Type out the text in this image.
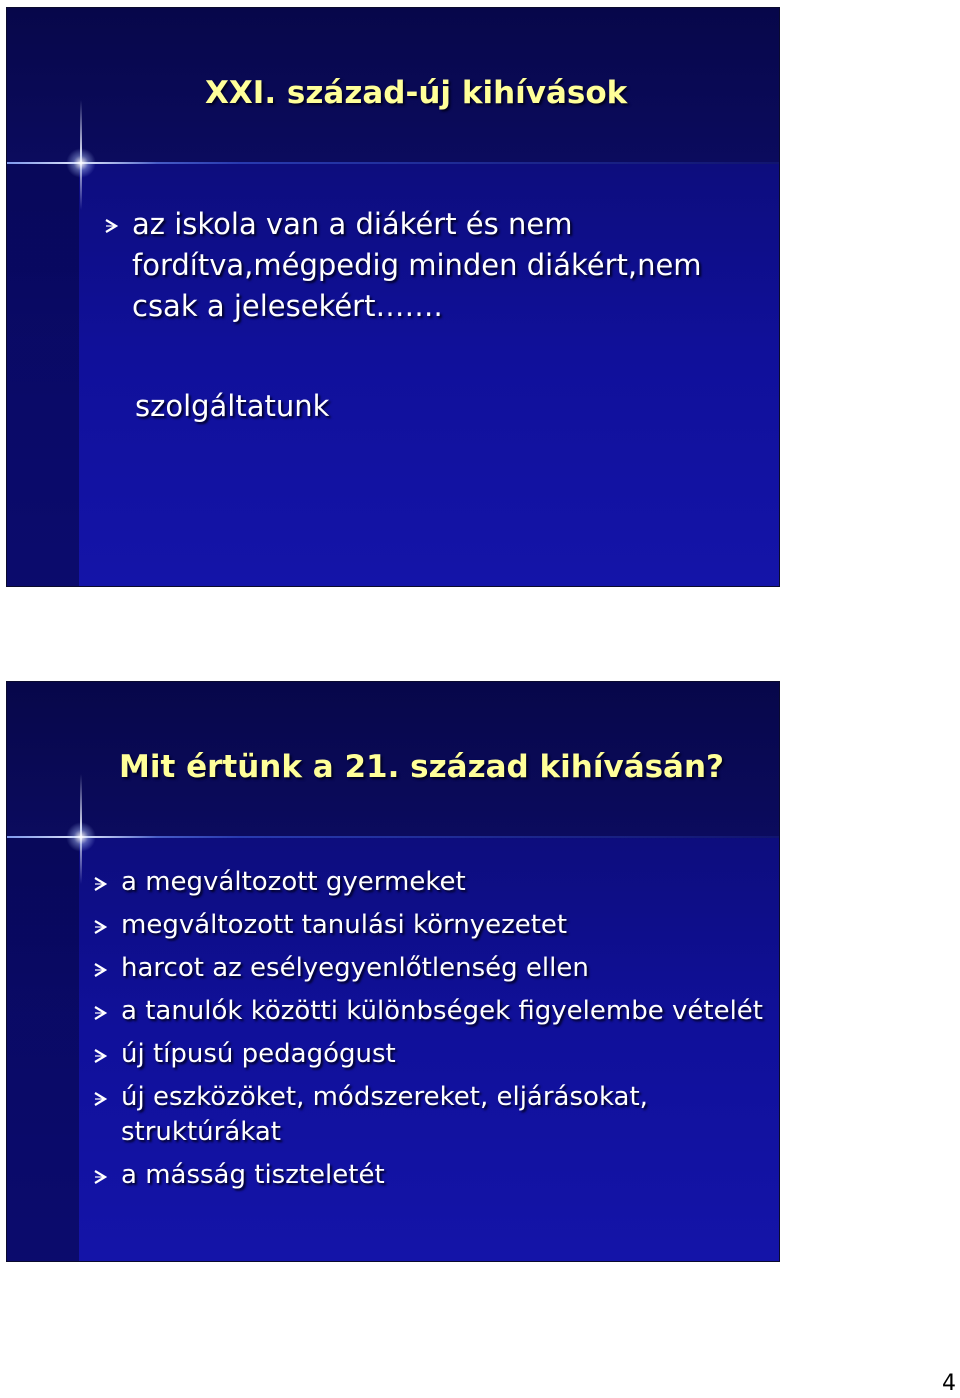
XXI. század-új kihívások
az iskola van a diákért és nem fordítva,mégpedig minden diákért,nem csak a jelesekért…….

szolgáltatunk

Mit értünk a 21. század kihívásán?
a megváltozott gyermeket
megváltozott tanulási környezetet
harcot az esélyegyenlőtlenség ellen
a tanulók közötti különbségek figyelembe vételét
új típusú pedagógust
új eszközöket, módszereket, eljárásokat, struktúrákat
a másság tiszteletét
4
